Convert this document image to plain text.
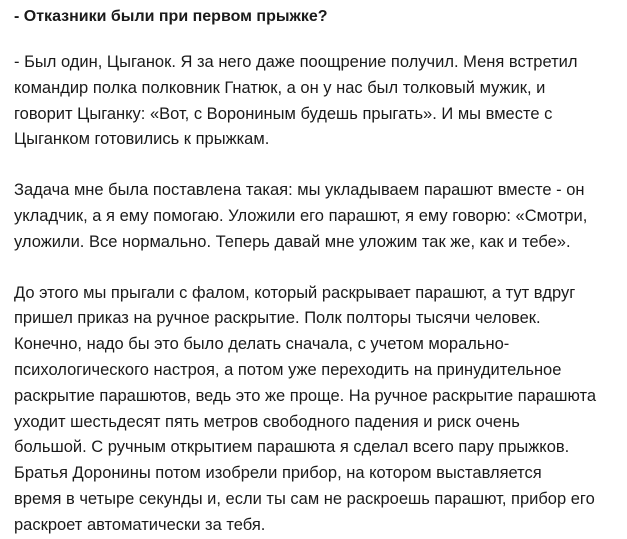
- Отказники были при первом прыжке?

- Был один, Цыганок. Я за него даже поощрение получил. Меня встретил
командир полка полковник Гнатюк, а он у нас был толковый мужик, и
говорит Цыганку: «Вот, с Ворониным будешь прыгать». И мы вместе с
Цыганком готовились к прыжкам.

Задача мне была поставлена такая: мы укладываем парашют вместе - он
укладчик, а я ему помогаю. Уложили его парашют, я ему говорю: «Смотри,
уложили. Все нормально. Теперь давай мне уложим так же, как и тебе».

До этого мы прыгали с фалом, который раскрывает парашют, а тут вдруг
пришел приказ на ручное раскрытие. Полк полторы тысячи человек.
Конечно, надо бы это было делать сначала, с учетом морально-
психологического настроя, а потом уже переходить на принудительное
раскрытие парашютов, ведь это же проще. На ручное раскрытие парашюта
уходит шестьдесят пять метров свободного падения и риск очень
большой. С ручным открытием парашюта я сделал всего пару прыжков.
Братья Доронины потом изобрели прибор, на котором выставляется
время в четыре секунды и, если ты сам не раскроешь парашют, прибор его
раскроет автоматически за тебя.
